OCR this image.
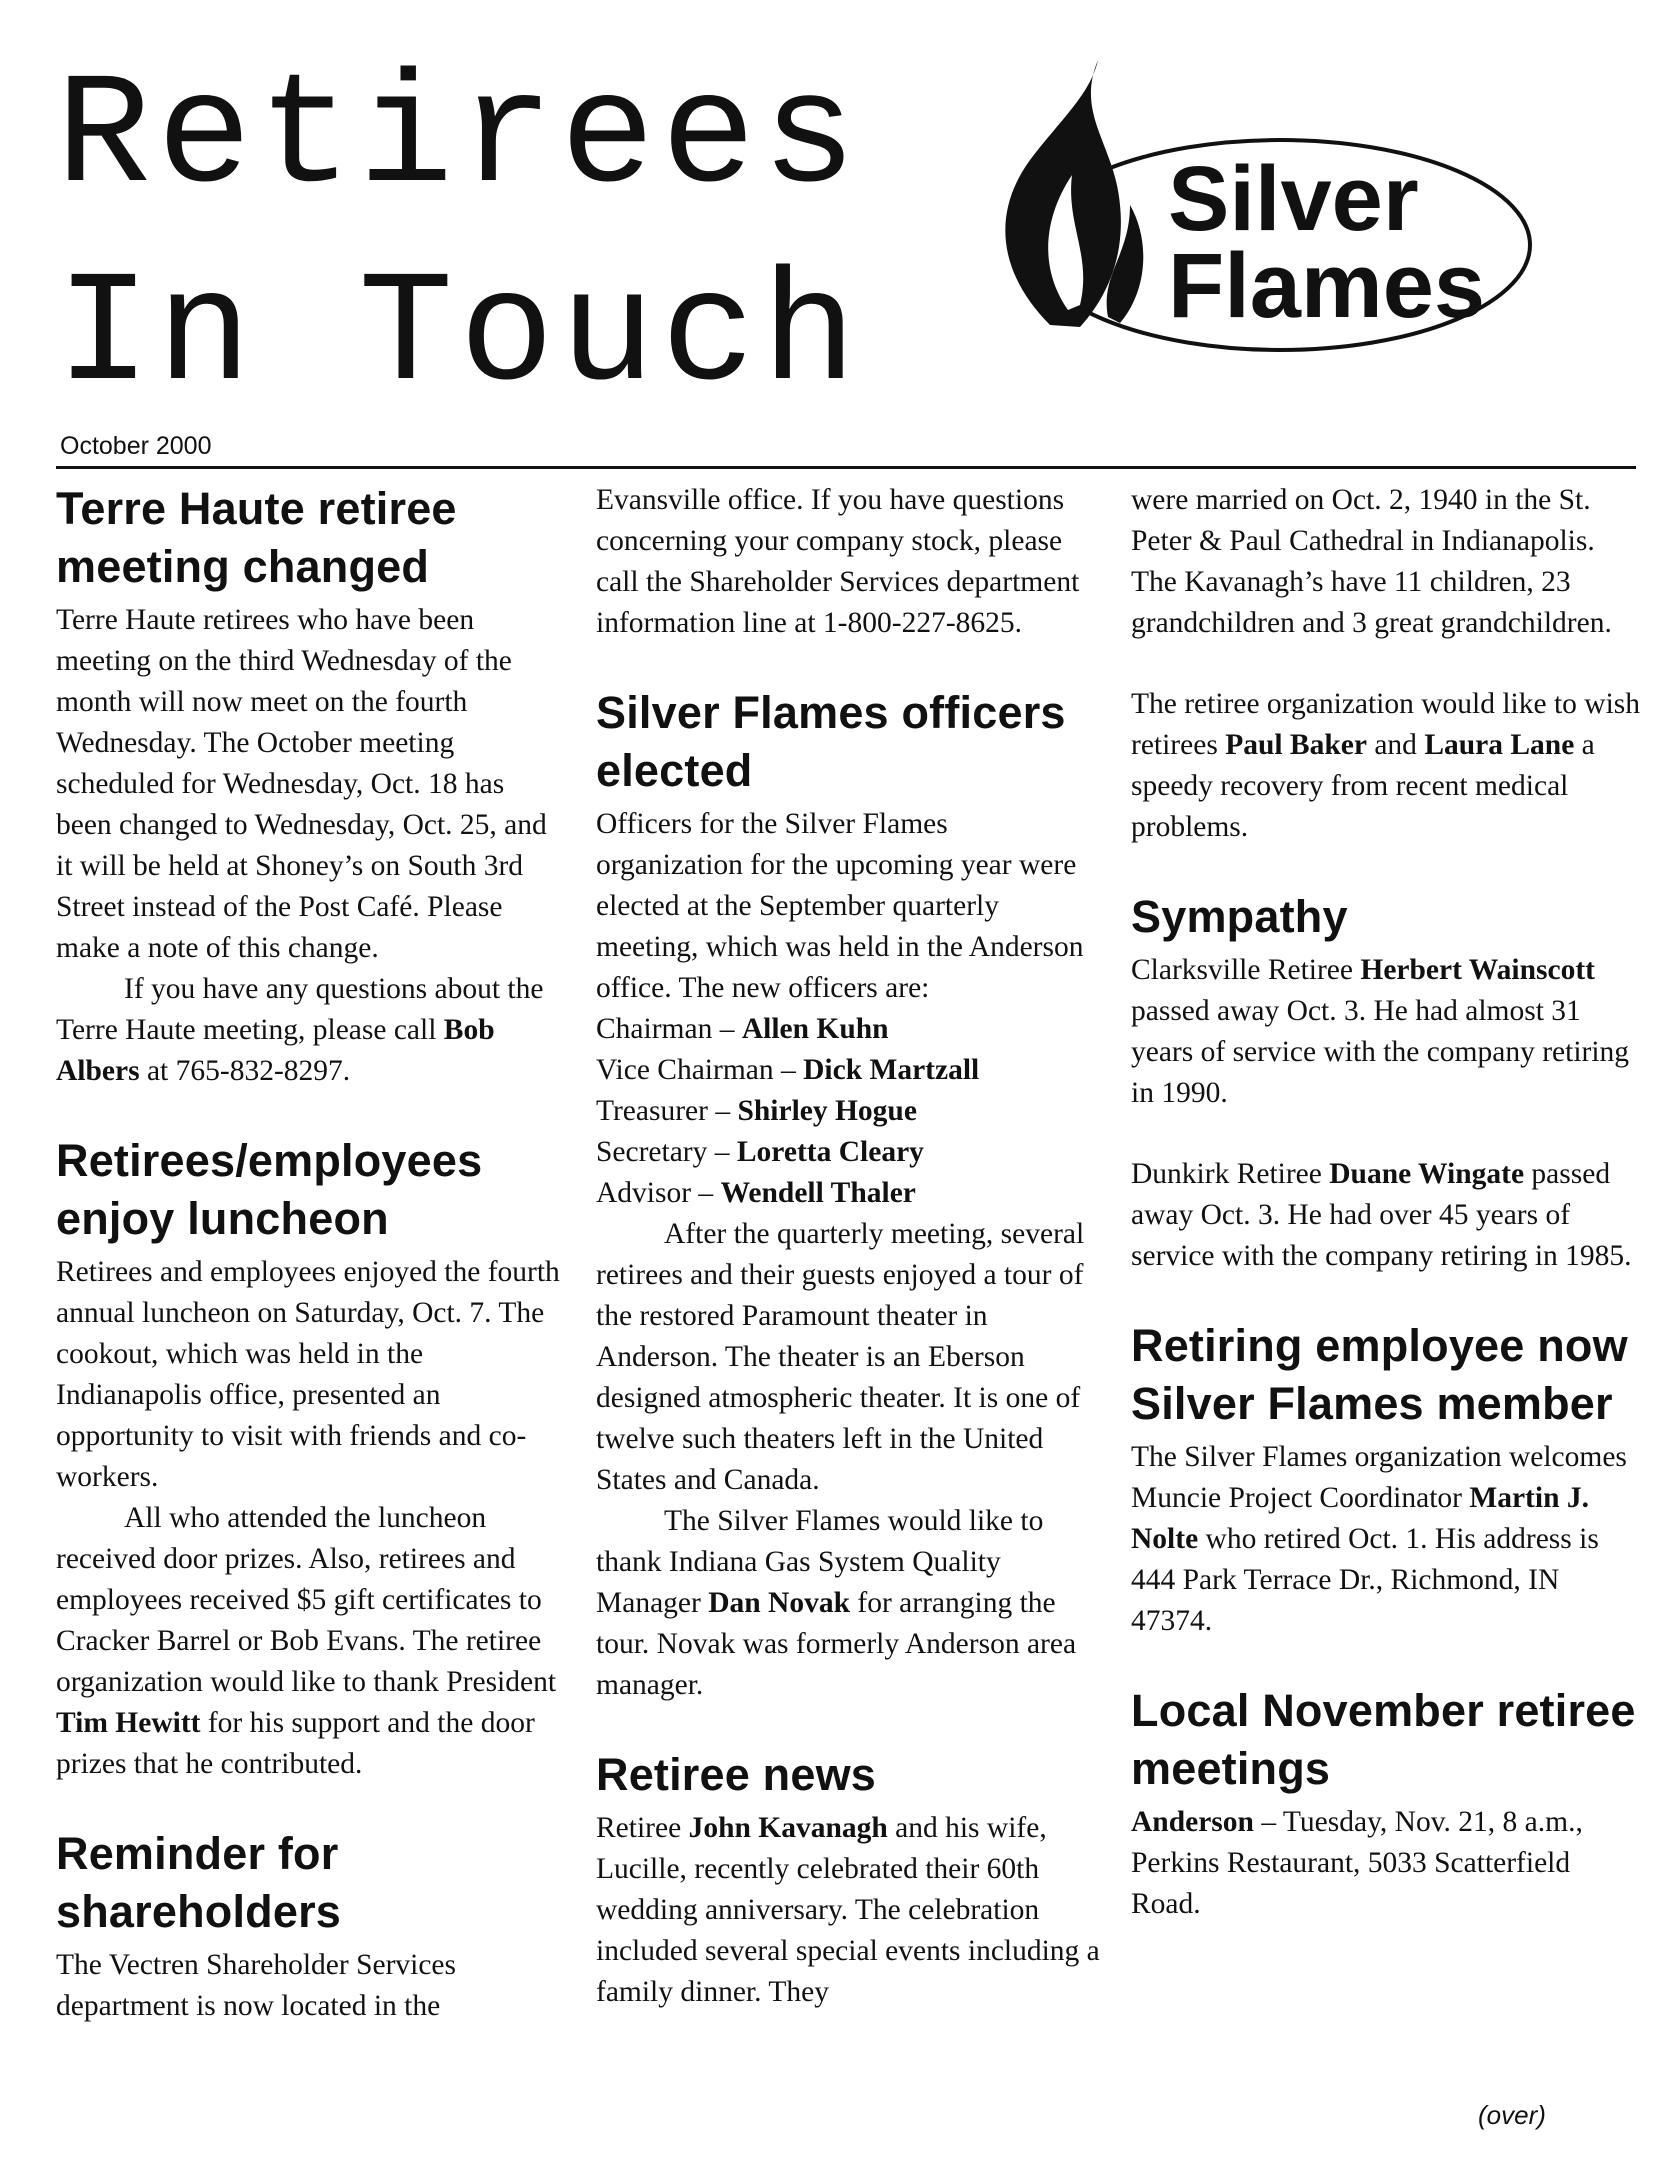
Retirees
In Touch
Silver
Flames
October 2000
Terre Haute retiree meeting changed

Terre Haute retirees who have been meeting on the third Wednesday of the month will now meet on the fourth Wednesday. The October meeting scheduled for Wednesday, Oct. 18 has been changed to Wednesday, Oct. 25, and it will be held at Shoney’s on South 3rd Street instead of the Post Café. Please make a note of this change.

If you have any questions about the Terre Haute meeting, please call Bob Albers at 765-832-8297.

Retirees/employees enjoy luncheon

Retirees and employees enjoyed the fourth annual luncheon on Saturday, Oct. 7. The cookout, which was held in the Indianapolis office, presented an opportunity to visit with friends and co-workers.

All who attended the luncheon received door prizes. Also, retirees and employees received $5 gift certificates to Cracker Barrel or Bob Evans. The retiree organization would like to thank President Tim Hewitt for his support and the door prizes that he contributed.

Reminder for shareholders

The Vectren Shareholder Services department is now located in the

Evansville office. If you have questions concerning your company stock, please call the Shareholder Services department information line at 1-800-227-8625.

Silver Flames officers elected

Officers for the Silver Flames organization for the upcoming year were elected at the September quarterly meeting, which was held in the Anderson office. The new officers are:

Chairman – Allen Kuhn
Vice Chairman – Dick Martzall
Treasurer – Shirley Hogue
Secretary – Loretta Cleary
Advisor – Wendell Thaler

After the quarterly meeting, several retirees and their guests enjoyed a tour of the restored Paramount theater in Anderson. The theater is an Eberson designed atmospheric theater. It is one of twelve such theaters left in the United States and Canada.

The Silver Flames would like to thank Indiana Gas System Quality Manager Dan Novak for arranging the tour. Novak was formerly Anderson area manager.

Retiree news

Retiree John Kavanagh and his wife, Lucille, recently celebrated their 60th wedding anniversary. The celebration included several special events including a family dinner. They

were married on Oct. 2, 1940 in the St. Peter & Paul Cathedral in Indianapolis. The Kavanagh’s have 11 children, 23 grandchildren and 3 great grandchildren.

The retiree organization would like to wish retirees Paul Baker and Laura Lane a speedy recovery from recent medical problems.

Sympathy

Clarksville Retiree Herbert Wainscott passed away Oct. 3. He had almost 31 years of service with the company retiring in 1990.

Dunkirk Retiree Duane Wingate passed away Oct. 3. He had over 45 years of service with the company retiring in 1985.

Retiring employee now Silver Flames member

The Silver Flames organization welcomes Muncie Project Coordinator Martin J. Nolte who retired Oct. 1. His address is 444 Park Terrace Dr., Richmond, IN 47374.

Local November retiree meetings

Anderson – Tuesday, Nov. 21, 8 a.m., Perkins Restaurant, 5033 Scatterfield Road.

(over)
